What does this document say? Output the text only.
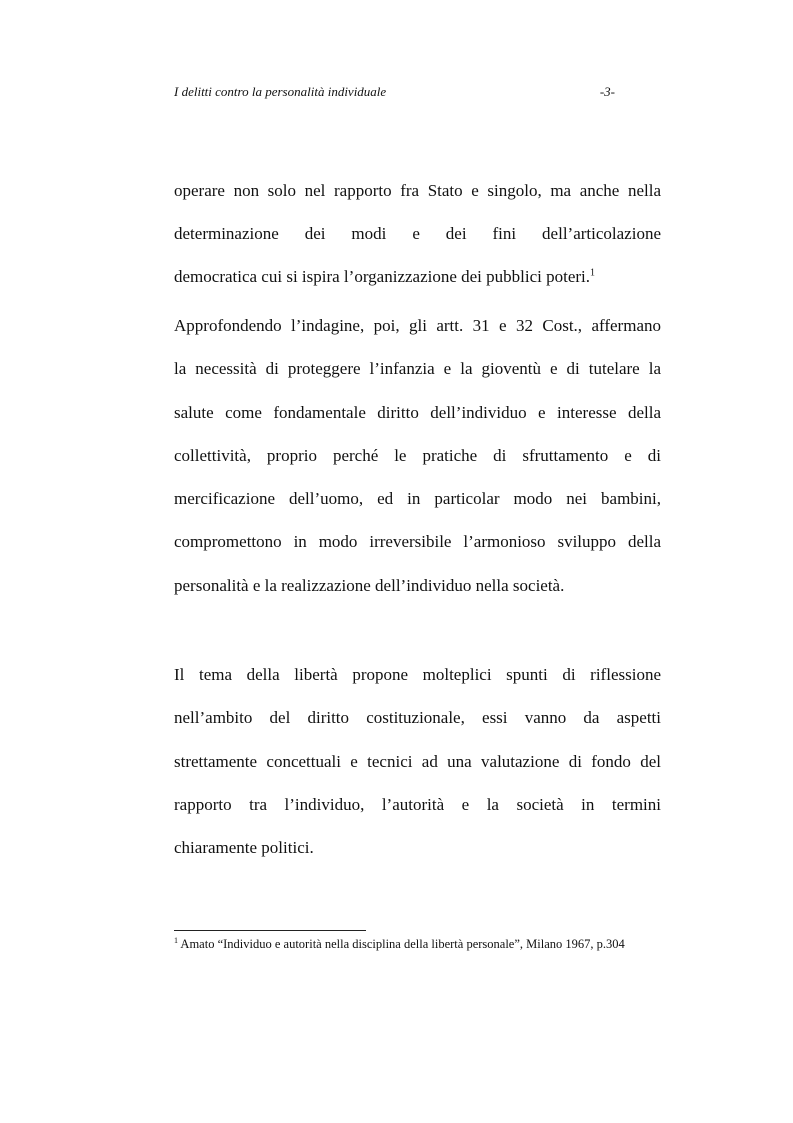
I delitti contro la personalità individuale	-3-
operare non solo nel rapporto fra Stato e singolo, ma anche nella
determinazione dei modi e dei fini dell’articolazione
democratica cui si ispira l’organizzazione dei pubblici poteri.$^1$
Approfondendo l’indagine, poi, gli artt. 31 e 32 Cost., affermano
la necessità di proteggere l’infanzia e la gioventù e di tutelare la
salute come fondamentale diritto dell’individuo e interesse della
collettività, proprio perché le pratiche di sfruttamento e di
mercificazione dell’uomo, ed in particolar modo nei bambini,
compromettono in modo irreversibile l’armonioso sviluppo della
personalità e la realizzazione dell’individuo nella società.
Il tema della libertà propone molteplici spunti di riflessione
nell’ambito del diritto costituzionale, essi vanno da aspetti
strettamente concettuali e tecnici ad una valutazione di fondo del
rapporto tra l’individuo, l’autorità e la società in termini
chiaramente politici.
$^1$ Amato “Individuo e autorità nella disciplina della libertà personale”, Milano 1967, p.304
